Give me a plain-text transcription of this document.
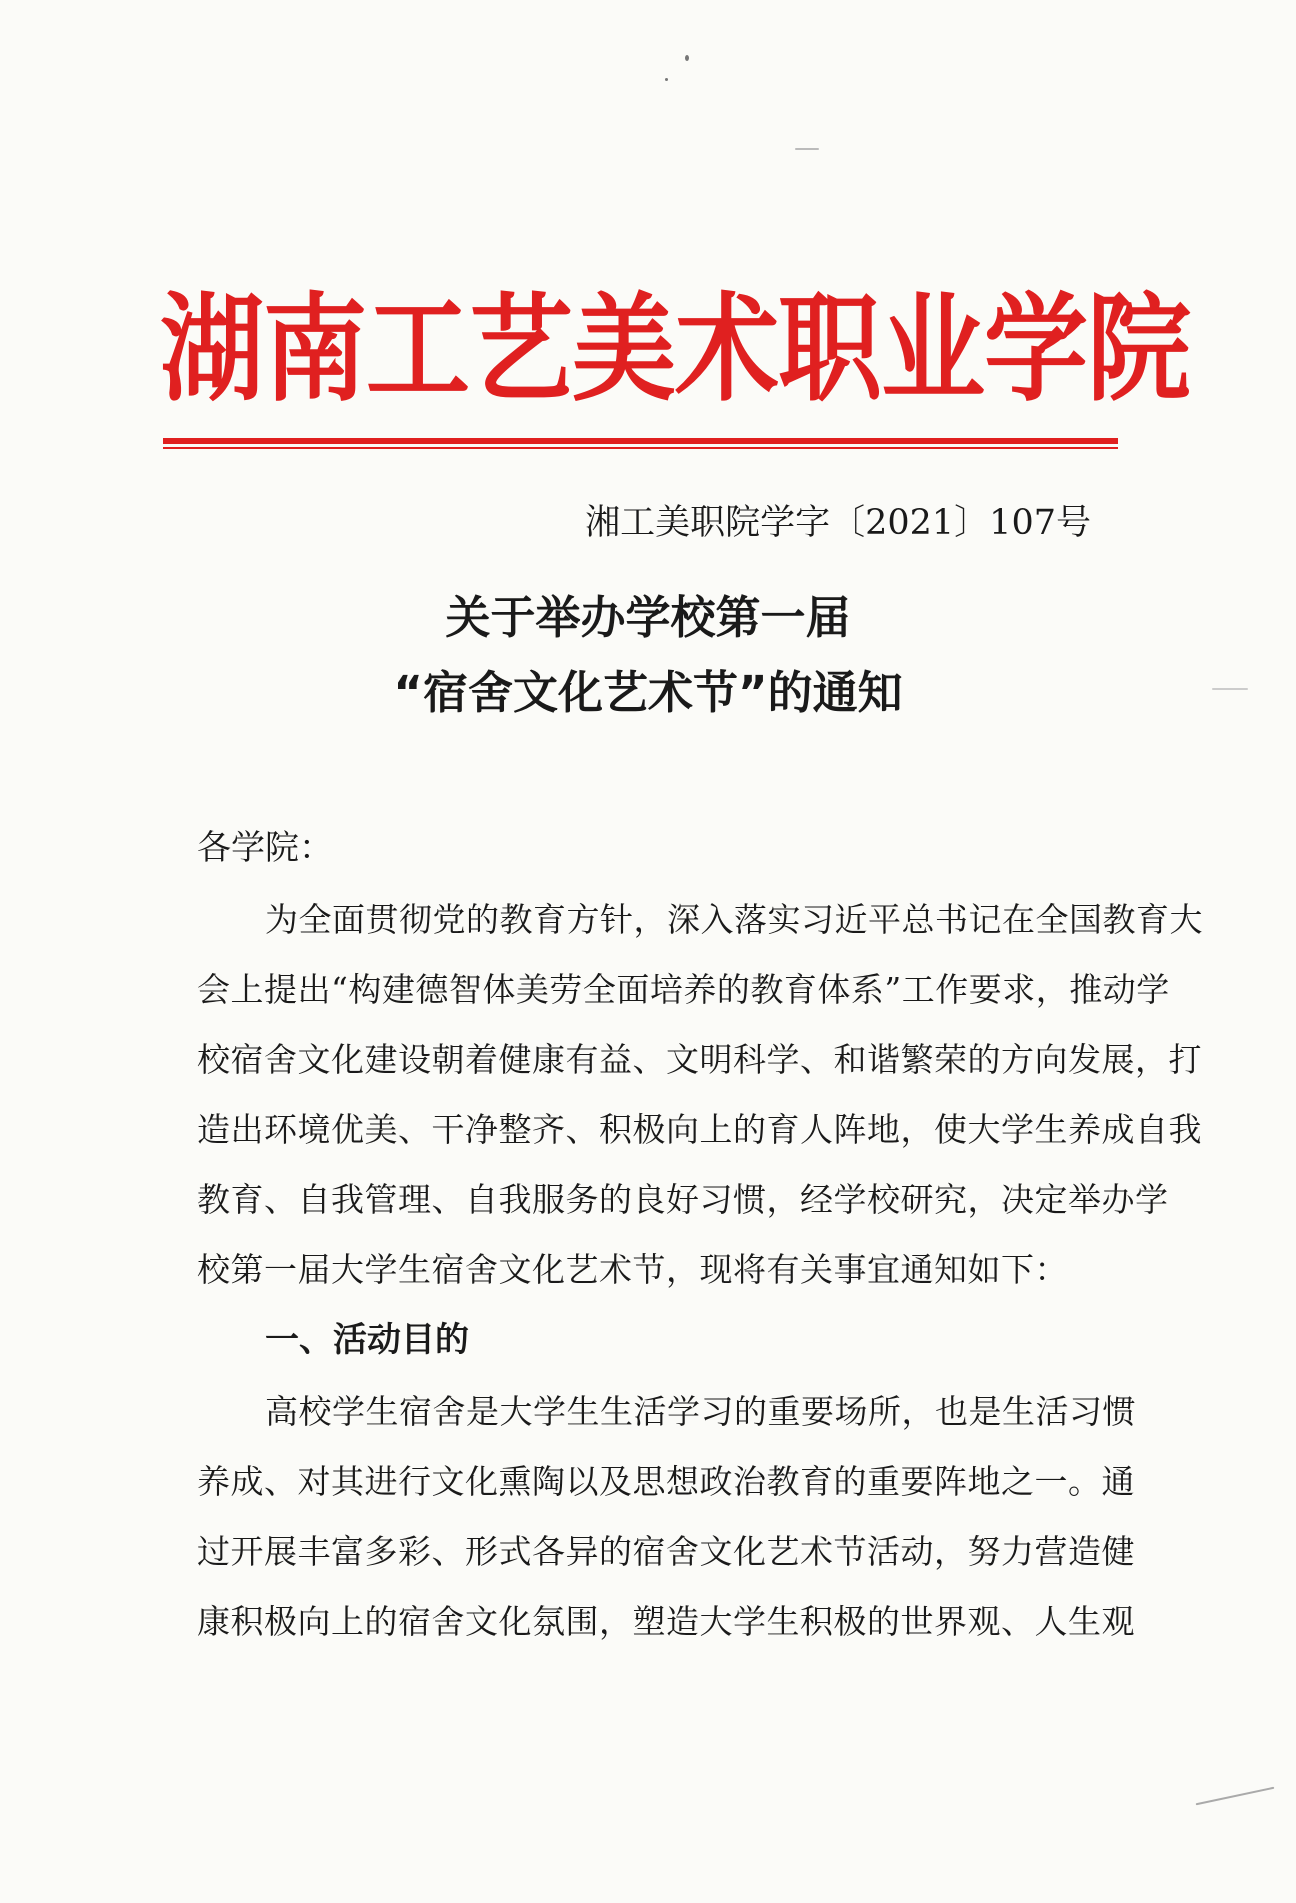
湖南工艺美术职业学院
湘工美职院学字〔2021〕107号
关于举办学校第一届
“宿舍文化艺术节”的通知
各学院：
为全面贯彻党的教育方针，深入落实习近平总书记在全国教育大
会上提出“构建德智体美劳全面培养的教育体系”工作要求，推动学
校宿舍文化建设朝着健康有益、文明科学、和谐繁荣的方向发展，打
造出环境优美、干净整齐、积极向上的育人阵地，使大学生养成自我
教育、自我管理、自我服务的良好习惯，经学校研究，决定举办学
校第一届大学生宿舍文化艺术节，现将有关事宜通知如下：
一、活动目的
高校学生宿舍是大学生生活学习的重要场所，也是生活习惯
养成、对其进行文化熏陶以及思想政治教育的重要阵地之一。通
过开展丰富多彩、形式各异的宿舍文化艺术节活动，努力营造健
康积极向上的宿舍文化氛围，塑造大学生积极的世界观、人生观
